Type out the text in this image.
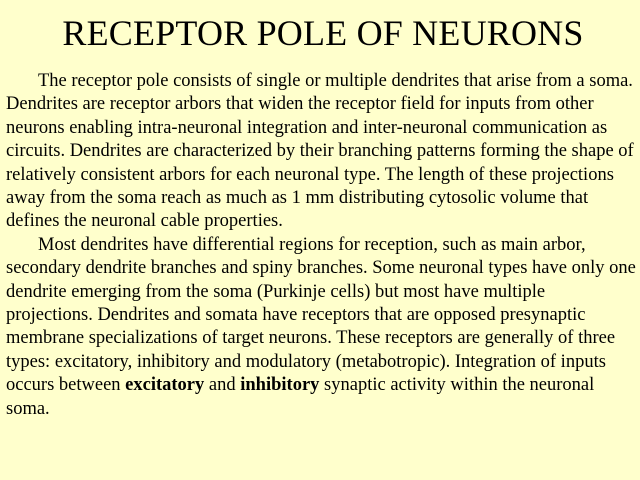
RECEPTOR POLE OF NEURONS

The receptor pole consists of single or multiple dendrites that arise from a soma. Dendrites are receptor arbors that widen the receptor field for inputs from other neurons enabling intra-neuronal integration and inter-neuronal communication as circuits. Dendrites are characterized by their branching patterns forming the shape of relatively consistent arbors for each neuronal type. The length of these projections away from the soma reach as much as 1 mm distributing cytosolic volume that defines the neuronal cable properties.

Most dendrites have differential regions for reception, such as main arbor, secondary dendrite branches and spiny branches. Some neuronal types have only one dendrite emerging from the soma (Purkinje cells) but most have multiple projections. Dendrites and somata have receptors that are opposed presynaptic membrane specializations of target neurons. These receptors are generally of three types: excitatory, inhibitory and modulatory (metabotropic). Integration of inputs occurs between excitatory and inhibitory synaptic activity within the neuronal soma.
